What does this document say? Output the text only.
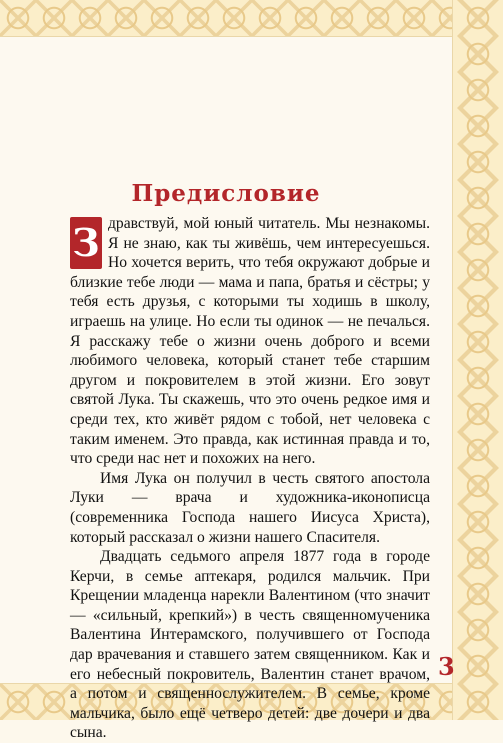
Предисловие

З дравствуй, мой юный читатель. Мы незнакомы. Я не знаю, как ты живёшь, чем интересуешься. Но хочется верить, что тебя окружают добрые и близкие тебе люди — мама и папа, братья и сёстры; у тебя есть друзья, с которыми ты ходишь в школу, играешь на улице. Но если ты одинок — не печалься. Я расскажу тебе о жизни очень доброго и всеми любимого человека, который станет тебе старшим другом и покровителем в этой жизни. Его зовут святой Лука. Ты скажешь, что это очень редкое имя и среди тех, кто живёт рядом с тобой, нет человека с таким именем. Это правда, как истинная правда и то, что среди нас нет и похожих на него.

Имя Лука он получил в честь святого апостола Луки — врача и художника-иконописца (современника Господа нашего Иисуса Христа), который рассказал о жизни нашего Спасителя.

Двадцать седьмого апреля 1877 года в городе Керчи, в семье аптекаря, родился мальчик. При Крещении младенца нарекли Валентином (что значит — «сильный, крепкий») в честь священномученика Валентина Интерамского, получившего от Господа дар врачевания и ставшего затем священником. Как и его небесный покровитель, Валентин станет врачом, а потом и священнослужителем. В семье, кроме мальчика, было ещё четверо детей: две дочери и два сына.

3
